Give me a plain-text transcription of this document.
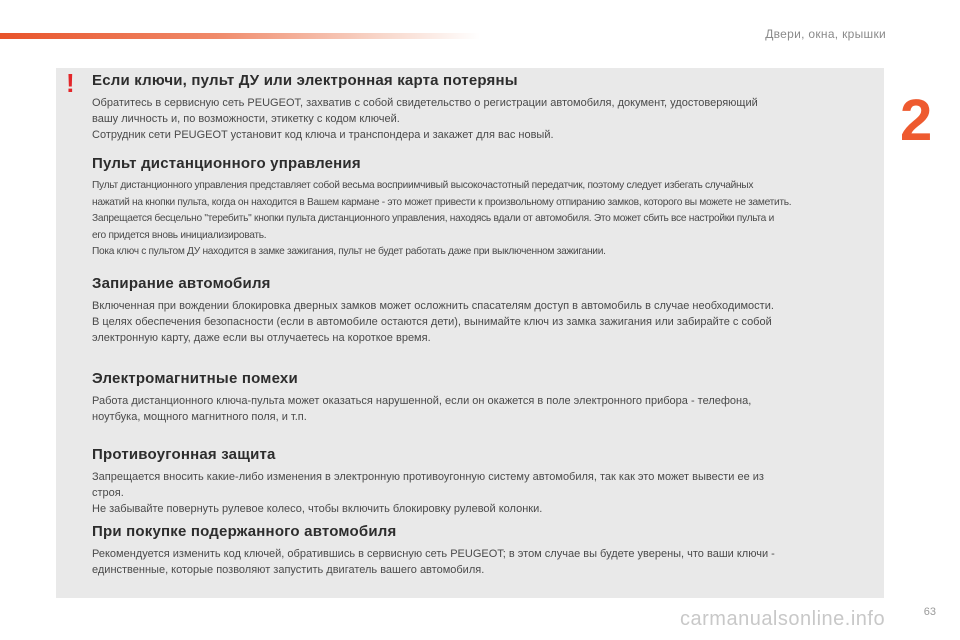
Двери, окна, крышки
2
! Если ключи, пульт ДУ или электронная карта потеряны

Обратитесь в сервисную сеть PEUGEOT, захватив с собой свидетельство о регистрации автомобиля, документ, удостоверяющий
вашу личность и, по возможности, этикетку с кодом ключей.
Сотрудник сети PEUGEOT установит код ключа и транспондера и закажет для вас новый.

Пульт дистанционного управления

Пульт дистанционного управления представляет собой весьма восприимчивый высокочастотный передатчик, поэтому следует избегать случайных
нажатий на кнопки пульта, когда он находится в Вашем кармане - это может привести к произвольному отпиранию замков, которого вы можете не заметить.
Запрещается бесцельно "теребить" кнопки пульта дистанционного управления, находясь вдали от автомобиля. Это может сбить все настройки пульта и
его придется вновь инициализировать.
Пока ключ с пультом ДУ находится в замке зажигания, пульт не будет работать даже при выключенном зажигании.

Запирание автомобиля

Включенная при вождении блокировка дверных замков может осложнить спасателям доступ в автомобиль в случае необходимости.
В целях обеспечения безопасности (если в автомобиле остаются дети), вынимайте ключ из замка зажигания или забирайте с собой
электронную карту, даже если вы отлучаетесь на короткое время.

Электромагнитные помехи

Работа дистанционного ключа-пульта может оказаться нарушенной, если он окажется в поле электронного прибора - телефона,
ноутбука, мощного магнитного поля, и т.п.

Противоугонная защита

Запрещается вносить какие-либо изменения в электронную противоугонную систему автомобиля, так как это может вывести ее из
строя.
Не забывайте повернуть рулевое колесо, чтобы включить блокировку рулевой колонки.

При покупке подержанного автомобиля

Рекомендуется изменить код ключей, обратившись в сервисную сеть PEUGEOT; в этом случае вы будете уверены, что ваши ключи -
единственные, которые позволяют запустить двигатель вашего автомобиля.

carmanualsonline.info	63
